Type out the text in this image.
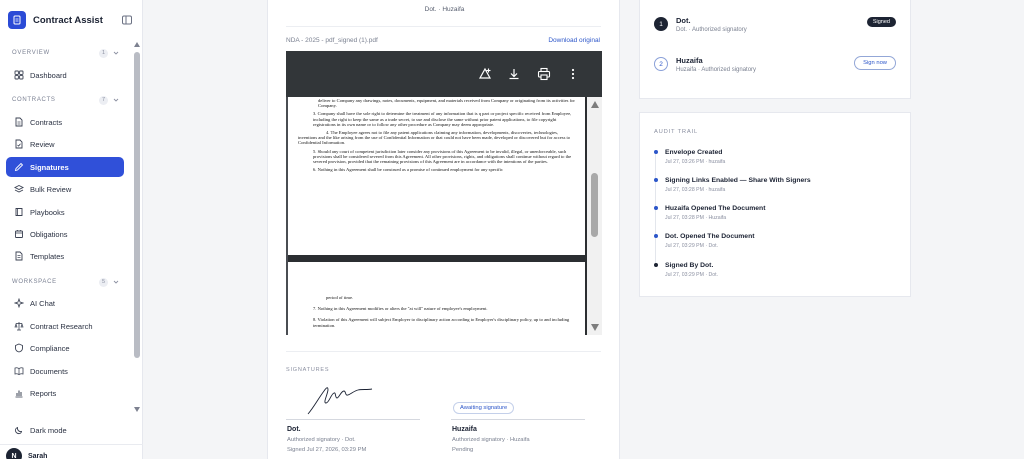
Contract Assist
OVERVIEW	1
Dashboard
CONTRACTS	7
Contracts
Review
Signatures
Bulk Review
Playbooks
Obligations
Templates
WORKSPACE	5
AI Chat
Contract Research
Compliance
Documents
Reports
Dark mode
N	Sarah
Dot. · Huzaifa
NDA - 2025 - pdf_signed (1).pdf	Download original

deliver to Company any drawings, notes, documents, equipment, and materials received from Company or originating from its activities for Company.

3. Company shall have the sole right to determine the treatment of any information that is q part or project specific received from Employee, including the right to keep the same as a trade secret, to use and disclose the same without prior patent applications, to file copyright registrations in its own name or to follow any other procedure as Company may deem appropriate.

4. The Employee agrees not to file any patent applications claiming any information, developments, discoveries, technologies, inventions and the like arising from the use of Confidential Information or that could not have been made, developed or discovered but for access to Confidential Information.

5. Should any court of competent jurisdiction later consider any provisions of this Agreement to be invalid, illegal, or unenforceable, such provisions shall be considered severed from this Agreement. All other provisions, rights, and obligations shall continue without regard to the severed provision, provided that the remaining provisions of this Agreement are in accordance with the intentions of the parties.

6. Nothing in this Agreement shall be construed as a promise of continued employment for any specific

period of time.

7. Nothing in this Agreement modifies or alters the "at will" nature of employee's employment.

8. Violation of this Agreement will subject Employer to disciplinary action according to Employer's disciplinary policy, up to and including termination.

SIGNATURES
Dot.
Authorized signatory · Dot.
Signed Jul 27, 2026, 03:29 PM
Awaiting signature
Huzaifa
Authorized signatory · Huzaifa
Pending
1	Dot.
Dot. · Authorized signatory
Signed
2	Huzaifa
Huzaifa · Authorized signatory
Sign now
AUDIT TRAIL
Envelope Created
Jul 27, 03:26 PM · huzaifa
Signing Links Enabled — Share With Signers
Jul 27, 03:28 PM · huzaifa
Huzaifa Opened The Document
Jul 27, 03:28 PM · Huzaifa
Dot. Opened The Document
Jul 27, 03:29 PM · Dot.
Signed By Dot.
Jul 27, 03:29 PM · Dot.
